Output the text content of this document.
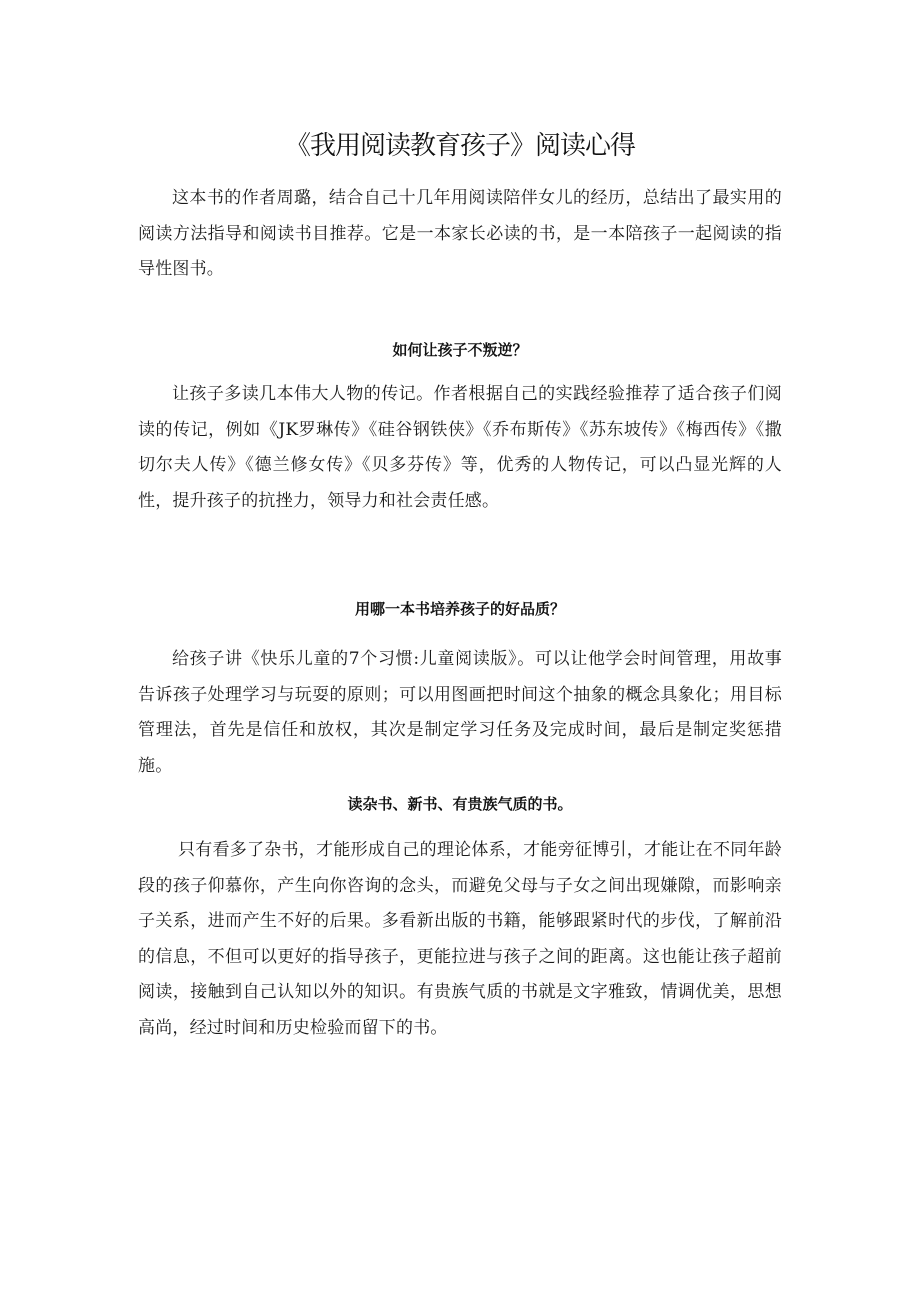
《我用阅读教育孩子》阅读心得

这本书的作者周璐，结合自己十几年用阅读陪伴女儿的经历，总结出了最实用的阅读方法指导和阅读书目推荐。它是一本家长必读的书，是一本陪孩子一起阅读的指导性图书。

如何让孩子不叛逆？

让孩子多读几本伟大人物的传记。作者根据自己的实践经验推荐了适合孩子们阅读的传记，例如《JK罗琳传》《硅谷钢铁侠》《乔布斯传》《苏东坡传》《梅西传》《撒切尔夫人传》《德兰修女传》《贝多芬传》等，优秀的人物传记，可以凸显光辉的人性，提升孩子的抗挫力，领导力和社会责任感。

用哪一本书培养孩子的好品质？

给孩子讲《快乐儿童的7个习惯:儿童阅读版》。可以让他学会时间管理，用故事告诉孩子处理学习与玩耍的原则；可以用图画把时间这个抽象的概念具象化；用目标管理法，首先是信任和放权，其次是制定学习任务及完成时间，最后是制定奖惩措施。

读杂书、新书、有贵族气质的书。

只有看多了杂书，才能形成自己的理论体系，才能旁征博引，才能让在不同年龄段的孩子仰慕你，产生向你咨询的念头，而避免父母与子女之间出现嫌隙，而影响亲子关系，进而产生不好的后果。多看新出版的书籍，能够跟紧时代的步伐，了解前沿的信息，不但可以更好的指导孩子，更能拉进与孩子之间的距离。这也能让孩子超前阅读，接触到自己认知以外的知识。有贵族气质的书就是文字雅致，情调优美，思想高尚，经过时间和历史检验而留下的书。
